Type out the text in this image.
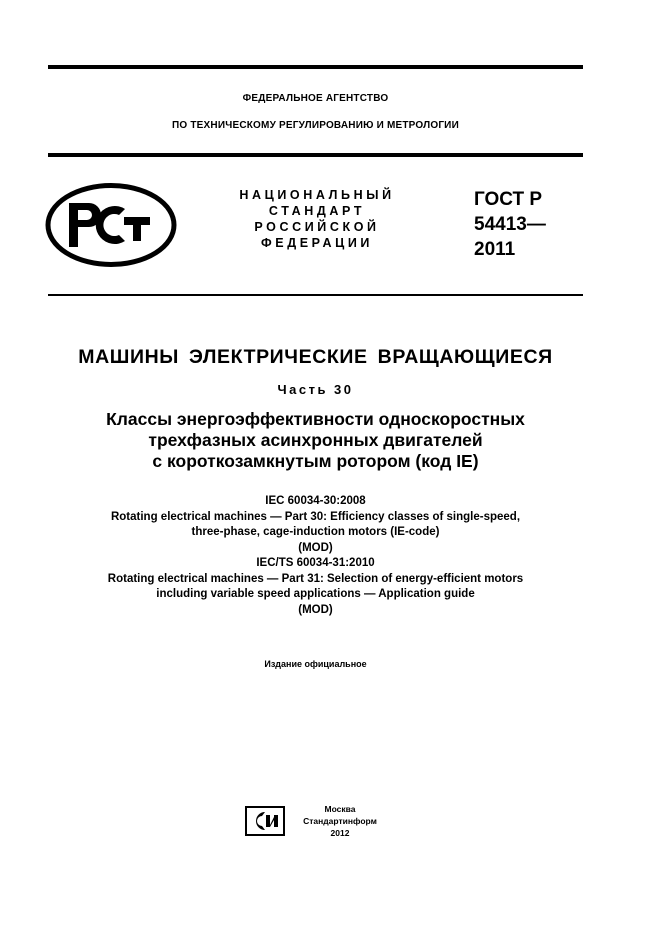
ФЕДЕРАЛЬНОЕ АГЕНТСТВО
ПО ТЕХНИЧЕСКОМУ РЕГУЛИРОВАНИЮ И МЕТРОЛОГИИ
НАЦИОНАЛЬНЫЙ
СТАНДАРТ
РОССИЙСКОЙ
ФЕДЕРАЦИИ
ГОСТ Р
54413—
2011
МАШИНЫ ЭЛЕКТРИЧЕСКИЕ ВРАЩАЮЩИЕСЯ
Часть 30
Классы энергоэффективности односкоростных
трехфазных асинхронных двигателей
с короткозамкнутым ротором (код IE)
IEC 60034-30:2008
Rotating electrical machines — Part 30: Efficiency classes of single-speed,
three-phase, cage-induction motors (IE-code)
(MOD)
IEC/TS 60034-31:2010
Rotating electrical machines — Part 31: Selection of energy-efficient motors
including variable speed applications — Application guide
(MOD)
Издание официальное
Москва
Стандартинформ
2012
